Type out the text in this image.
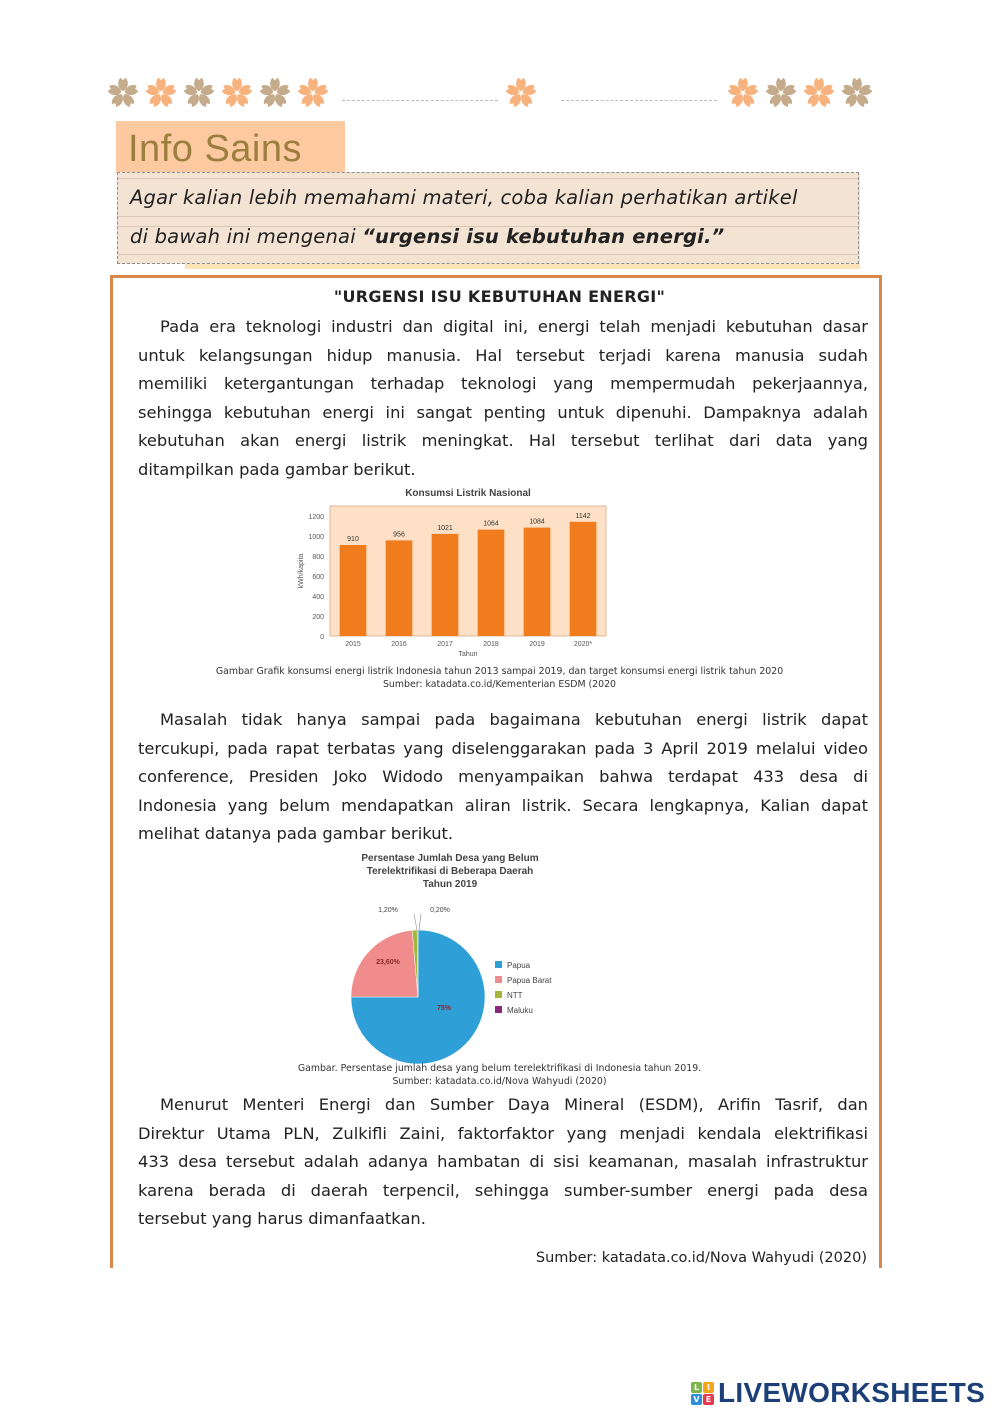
Info Sains
Agar kalian lebih memahami materi, coba kalian perhatikan artikel
di bawah ini mengenai “urgensi isu kebutuhan energi.”
"URGENSI ISU KEBUTUHAN ENERGI"
Pada era teknologi industri dan digital ini, energi telah menjadi kebutuhan dasar
untuk kelangsungan hidup manusia. Hal tersebut terjadi karena manusia sudah
memiliki ketergantungan terhadap teknologi yang mempermudah pekerjaannya,
sehingga kebutuhan energi ini sangat penting untuk dipenuhi. Dampaknya adalah
kebutuhan akan energi listrik meningkat. Hal tersebut terlihat dari data yang
ditampilkan pada gambar berikut.
Konsumsi Listrik Nasional
0
200
400
600
800
1000
1200
kWh/kapita
910
2015
956
2016
1021
2017
1064
2018
1084
2019
1142
2020*
Tahun
Gambar Grafik konsumsi energi listrik Indonesia tahun 2013 sampai 2019, dan target konsumsi energi listrik tahun 2020
Sumber: katadata.co.id/Kementerian ESDM (2020
Masalah tidak hanya sampai pada bagaimana kebutuhan energi listrik dapat
tercukupi, pada rapat terbatas yang diselenggarakan pada 3 April 2019 melalui video
conference, Presiden Joko Widodo menyampaikan bahwa terdapat 433 desa di
Indonesia yang belum mendapatkan aliran listrik. Secara lengkapnya, Kalian dapat
melihat datanya pada gambar berikut.
Persentase Jumlah Desa yang Belum
Terelektrifikasi di Beberapa Daerah
Tahun 2019
75%
23,60%
1,20%	0,20%
Papua
Papua Barat
NTT
Maluku
Gambar. Persentase jumlah desa yang belum terelektrifikasi di Indonesia tahun 2019.
Sumber: katadata.co.id/Nova Wahyudi (2020)
Menurut Menteri Energi dan Sumber Daya Mineral (ESDM), Arifin Tasrif, dan
Direktur Utama PLN, Zulkifli Zaini, faktorfaktor yang menjadi kendala elektrifikasi
433 desa tersebut adalah adanya hambatan di sisi keamanan, masalah infrastruktur
karena berada di daerah terpencil, sehingga sumber-sumber energi pada desa
tersebut yang harus dimanfaatkan.
Sumber: katadata.co.id/Nova Wahyudi (2020)
L I
V E LIVEWORKSHEETS
